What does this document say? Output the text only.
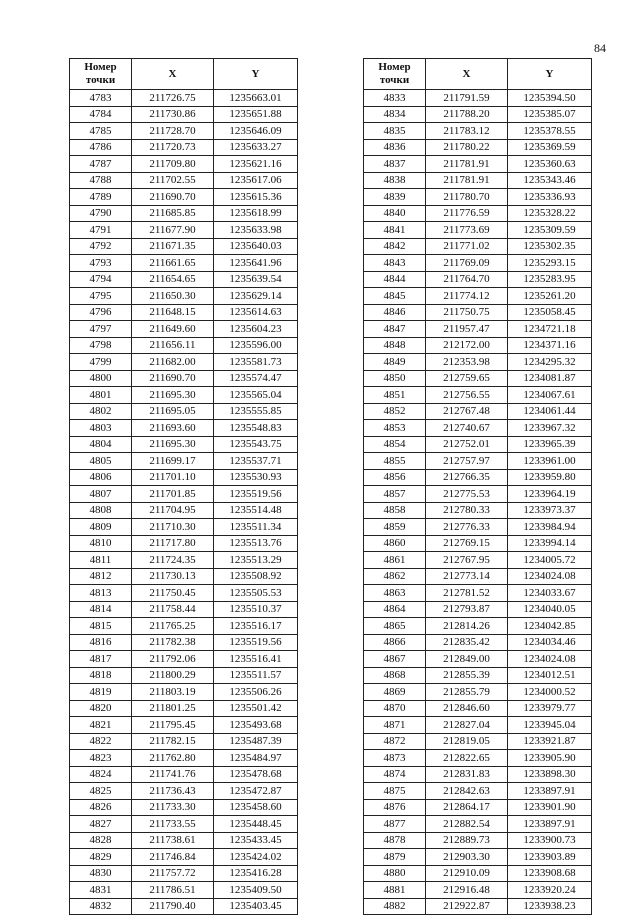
84
Номер точки	X	Y
4783	211726.75	1235663.01
4784	211730.86	1235651.88
4785	211728.70	1235646.09
4786	211720.73	1235633.27
4787	211709.80	1235621.16
4788	211702.55	1235617.06
4789	211690.70	1235615.36
4790	211685.85	1235618.99
4791	211677.90	1235633.98
4792	211671.35	1235640.03
4793	211661.65	1235641.96
4794	211654.65	1235639.54
4795	211650.30	1235629.14
4796	211648.15	1235614.63
4797	211649.60	1235604.23
4798	211656.11	1235596.00
4799	211682.00	1235581.73
4800	211690.70	1235574.47
4801	211695.30	1235565.04
4802	211695.05	1235555.85
4803	211693.60	1235548.83
4804	211695.30	1235543.75
4805	211699.17	1235537.71
4806	211701.10	1235530.93
4807	211701.85	1235519.56
4808	211704.95	1235514.48
4809	211710.30	1235511.34
4810	211717.80	1235513.76
4811	211724.35	1235513.29
4812	211730.13	1235508.92
4813	211750.45	1235505.53
4814	211758.44	1235510.37
4815	211765.25	1235516.17
4816	211782.38	1235519.56
4817	211792.06	1235516.41
4818	211800.29	1235511.57
4819	211803.19	1235506.26
4820	211801.25	1235501.42
4821	211795.45	1235493.68
4822	211782.15	1235487.39
4823	211762.80	1235484.97
4824	211741.76	1235478.68
4825	211736.43	1235472.87
4826	211733.30	1235458.60
4827	211733.55	1235448.45
4828	211738.61	1235433.45
4829	211746.84	1235424.02
4830	211757.72	1235416.28
4831	211786.51	1235409.50
4832	211790.40	1235403.45
Номер точки	X	Y
4833	211791.59	1235394.50
4834	211788.20	1235385.07
4835	211783.12	1235378.55
4836	211780.22	1235369.59
4837	211781.91	1235360.63
4838	211781.91	1235343.46
4839	211780.70	1235336.93
4840	211776.59	1235328.22
4841	211773.69	1235309.59
4842	211771.02	1235302.35
4843	211769.09	1235293.15
4844	211764.70	1235283.95
4845	211774.12	1235261.20
4846	211750.75	1235058.45
4847	211957.47	1234721.18
4848	212172.00	1234371.16
4849	212353.98	1234295.32
4850	212759.65	1234081.87
4851	212756.55	1234067.61
4852	212767.48	1234061.44
4853	212740.67	1233967.32
4854	212752.01	1233965.39
4855	212757.97	1233961.00
4856	212766.35	1233959.80
4857	212775.53	1233964.19
4858	212780.33	1233973.37
4859	212776.33	1233984.94
4860	212769.15	1233994.14
4861	212767.95	1234005.72
4862	212773.14	1234024.08
4863	212781.52	1234033.67
4864	212793.87	1234040.05
4865	212814.26	1234042.85
4866	212835.42	1234034.46
4867	212849.00	1234024.08
4868	212855.39	1234012.51
4869	212855.79	1234000.52
4870	212846.60	1233979.77
4871	212827.04	1233945.04
4872	212819.05	1233921.87
4873	212822.65	1233905.90
4874	212831.83	1233898.30
4875	212842.63	1233897.91
4876	212864.17	1233901.90
4877	212882.54	1233897.91
4878	212889.73	1233900.73
4879	212903.30	1233903.89
4880	212910.09	1233908.68
4881	212916.48	1233920.24
4882	212922.87	1233938.23
